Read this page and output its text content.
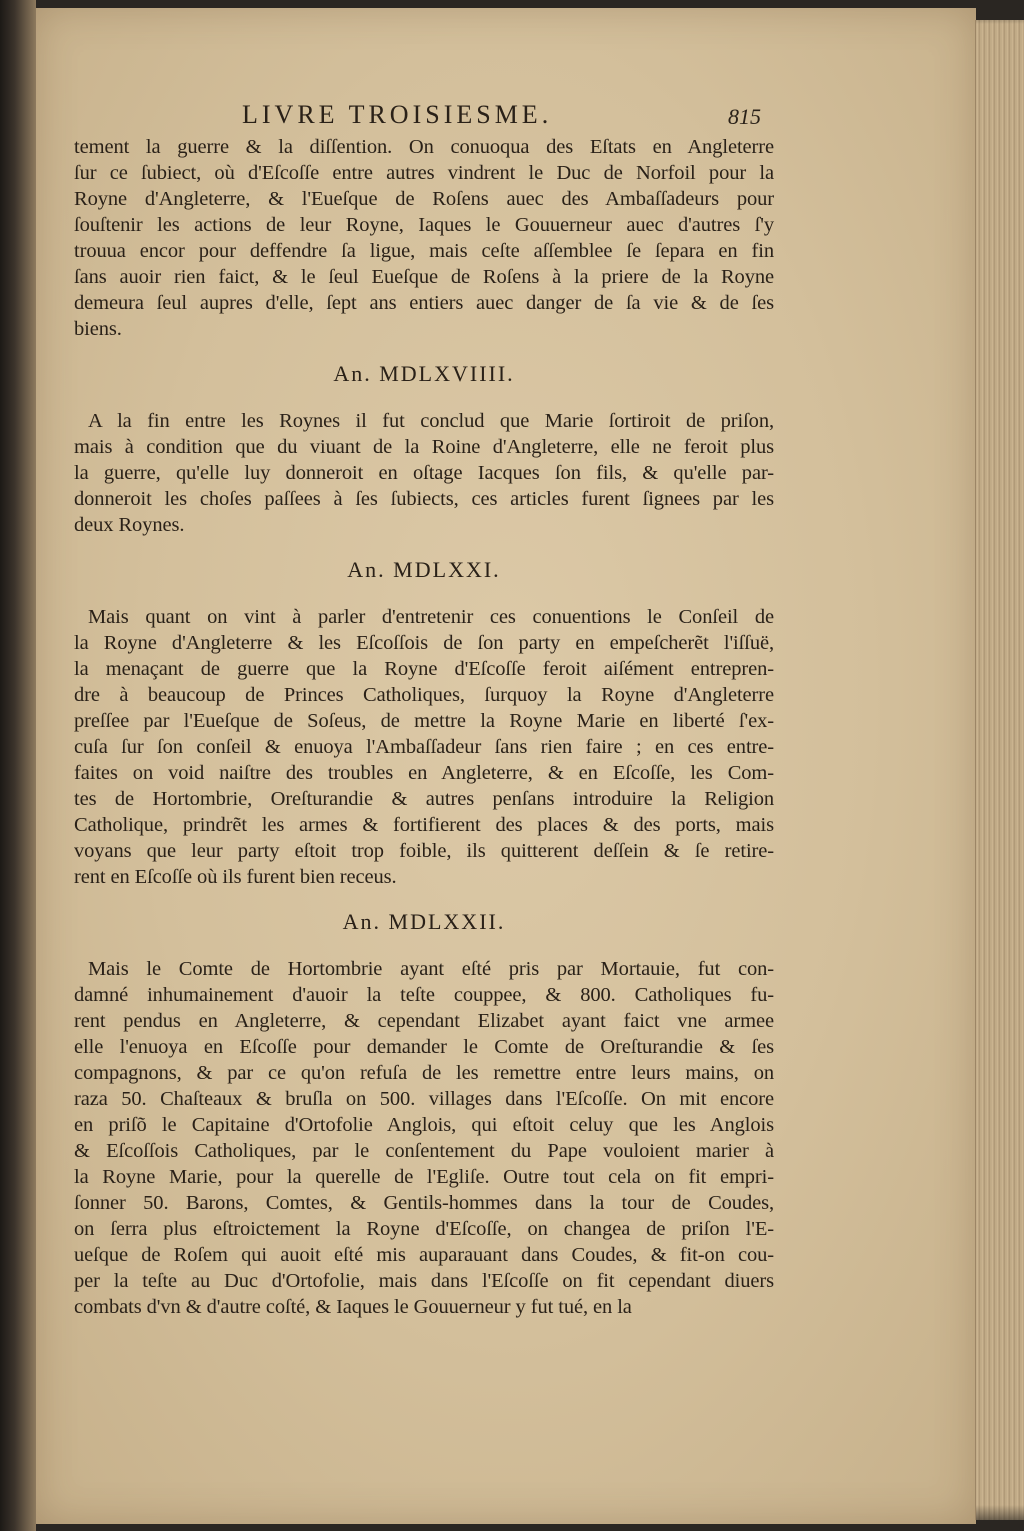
LIVRE TROISIESME.	815
tement la guerre & la diſſention. On conuoqua des Eſtats en Angleterre
ſur ce ſubiect, où d'Eſcoſſe entre autres vindrent le Duc de Norfoil pour la
Royne d'Angleterre, & l'Eueſque de Roſens auec des Ambaſſadeurs pour
ſouſtenir les actions de leur Royne, Iaques le Gouuerneur auec d'autres ſ'y
trouua encor pour deffendre ſa ligue, mais ceſte aſſemblee ſe ſepara en fin
ſans auoir rien faict, & le ſeul Eueſque de Roſens à la priere de la Royne
demeura ſeul aupres d'elle, ſept ans entiers auec danger de ſa vie & de ſes
biens.
An. MDLXVIIII.
A la fin entre les Roynes il fut conclud que Marie ſortiroit de priſon,
mais à condition que du viuant de la Roine d'Angleterre, elle ne feroit plus
la guerre, qu'elle luy donneroit en oſtage Iacques ſon fils, & qu'elle par-
donneroit les choſes paſſees à ſes ſubiects, ces articles furent ſignees par les
deux Roynes.
An. MDLXXI.
Mais quant on vint à parler d'entretenir ces conuentions le Conſeil de
la Royne d'Angleterre & les Eſcoſſois de ſon party en empeſcherẽt l'iſſuë,
la menaçant de guerre que la Royne d'Eſcoſſe feroit aiſément entrepren-
dre à beaucoup de Princes Catholiques, ſurquoy la Royne d'Angleterre
preſſee par l'Eueſque de Soſeus, de mettre la Royne Marie en liberté ſ'ex-
cuſa ſur ſon conſeil & enuoya l'Ambaſſadeur ſans rien faire ; en ces entre-
faites on void naiſtre des troubles en Angleterre, & en Eſcoſſe, les Com-
tes de Hortombrie, Oreſturandie & autres penſans introduire la Religion
Catholique, prindrẽt les armes & fortifierent des places & des ports, mais
voyans que leur party eſtoit trop foible, ils quitterent deſſein & ſe retire-
rent en Eſcoſſe où ils furent bien receus.
An. MDLXXII.
Mais le Comte de Hortombrie ayant eſté pris par Mortauie, fut con-
damné inhumainement d'auoir la teſte couppee, & 800. Catholiques fu-
rent pendus en Angleterre, & cependant Elizabet ayant faict vne armee
elle l'enuoya en Eſcoſſe pour demander le Comte de Oreſturandie & ſes
compagnons, & par ce qu'on refuſa de les remettre entre leurs mains, on
raza 50. Chaſteaux & bruſla on 500. villages dans l'Eſcoſſe. On mit encore
en priſõ le Capitaine d'Ortofolie Anglois, qui eſtoit celuy que les Anglois
& Eſcoſſois Catholiques, par le conſentement du Pape vouloient marier à
la Royne Marie, pour la querelle de l'Egliſe. Outre tout cela on fit empri-
ſonner 50. Barons, Comtes, & Gentils-hommes dans la tour de Coudes,
on ſerra plus eſtroictement la Royne d'Eſcoſſe, on changea de priſon l'E-
ueſque de Roſem qui auoit eſté mis auparauant dans Coudes, & fit-on cou-
per la teſte au Duc d'Ortofolie, mais dans l'Eſcoſſe on fit cependant diuers
combats d'vn & d'autre coſté, & Iaques le Gouuerneur y fut tué, en la
